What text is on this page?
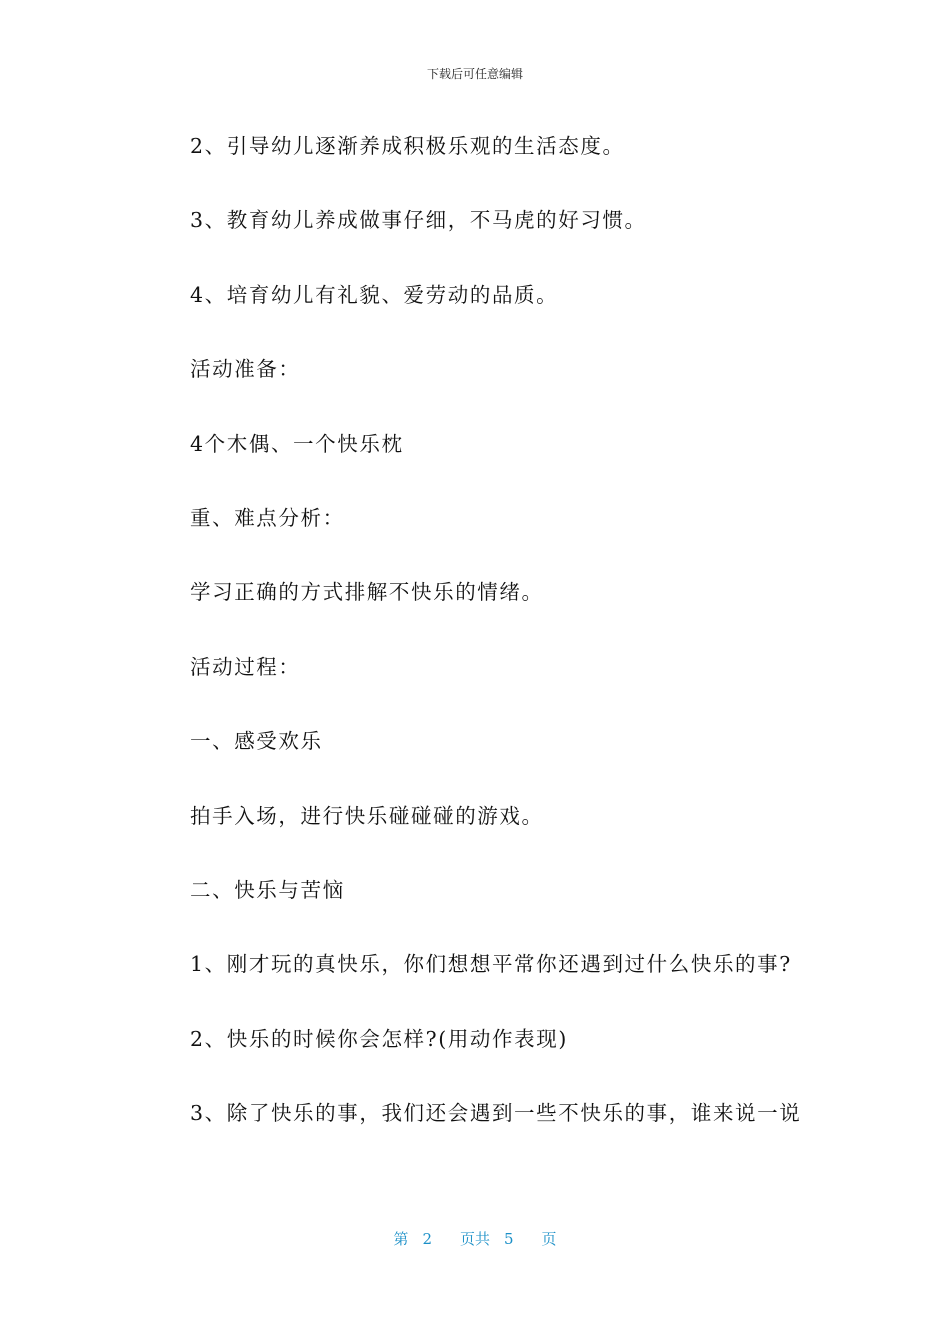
下载后可任意编辑
2、引导幼儿逐渐养成积极乐观的生活态度。
3、教育幼儿养成做事仔细，不马虎的好习惯。
4、培育幼儿有礼貌、爱劳动的品质。
活动准备：
4个木偶、一个快乐枕
重、难点分析：
学习正确的方式排解不快乐的情绪。
活动过程：
一、感受欢乐
拍手入场，进行快乐碰碰碰的游戏。
二、快乐与苦恼
1、刚才玩的真快乐，你们想想平常你还遇到过什么快乐的事?
2、快乐的时候你会怎样?(用动作表现)
3、除了快乐的事，我们还会遇到一些不快乐的事，谁来说一说
第 2 页共 5 页
